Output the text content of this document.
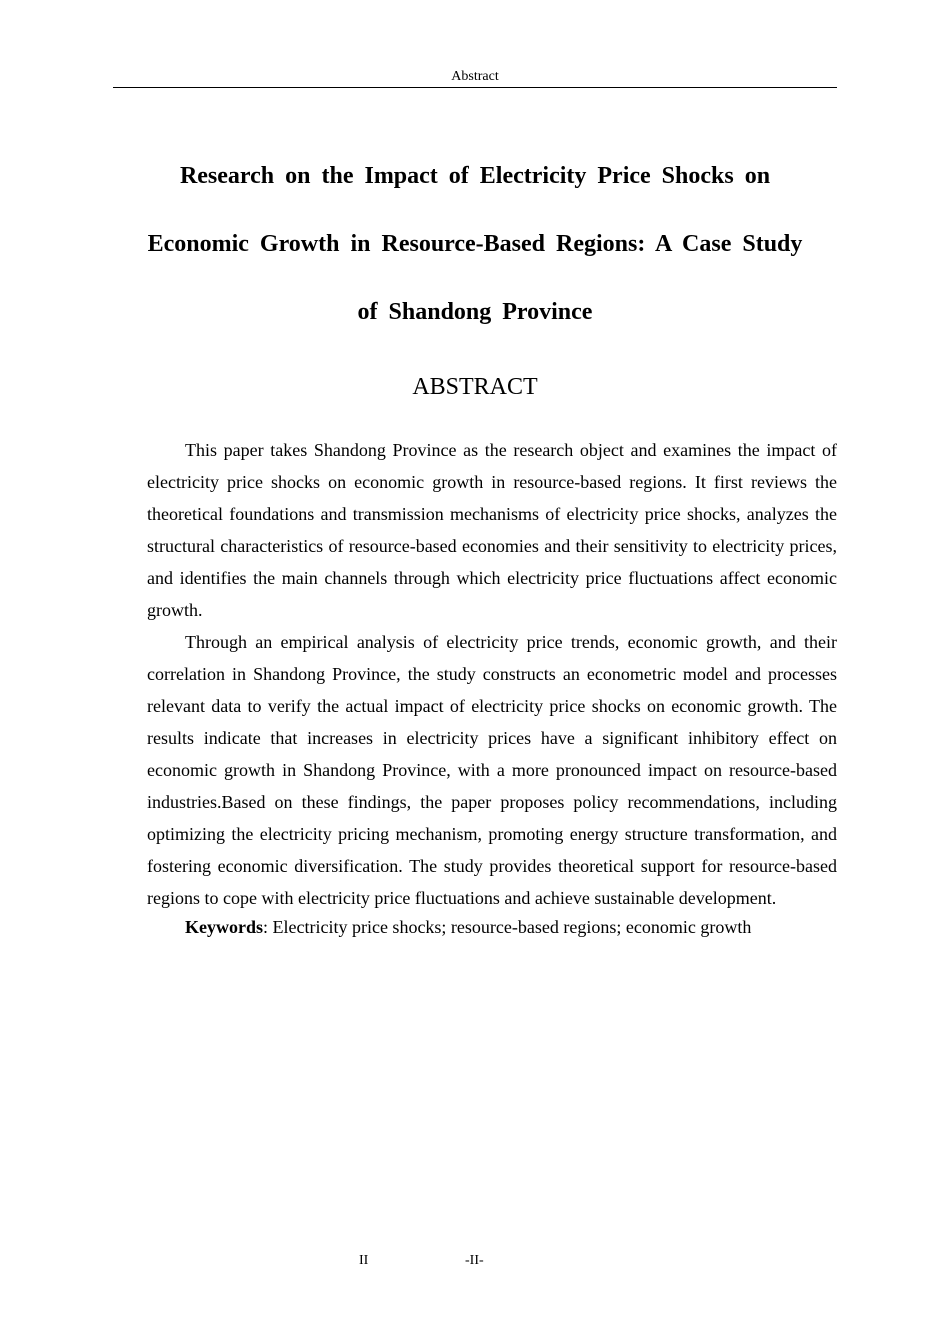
Abstract
Research on the Impact of Electricity Price Shocks on
Economic Growth in Resource-Based Regions: A Case Study
of Shandong Province
ABSTRACT

This paper takes Shandong Province as the research object and examines the impact of electricity price shocks on economic growth in resource-based regions. It first reviews the theoretical foundations and transmission mechanisms of electricity price shocks, analyzes the structural characteristics of resource-based economies and their sensitivity to electricity prices, and identifies the main channels through which electricity price fluctuations affect economic growth.

Through an empirical analysis of electricity price trends, economic growth, and their correlation in Shandong Province, the study constructs an econometric model and processes relevant data to verify the actual impact of electricity price shocks on economic growth. The results indicate that increases in electricity prices have a significant inhibitory effect on economic growth in Shandong Province, with a more pronounced impact on resource-based industries.Based on these findings, the paper proposes policy recommendations, including optimizing the electricity pricing mechanism, promoting energy structure transformation, and fostering economic diversification. The study provides theoretical support for resource-based regions to cope with electricity price fluctuations and achieve sustainable development.

Keywords: Electricity price shocks; resource-based regions; economic growth

II	-II-
